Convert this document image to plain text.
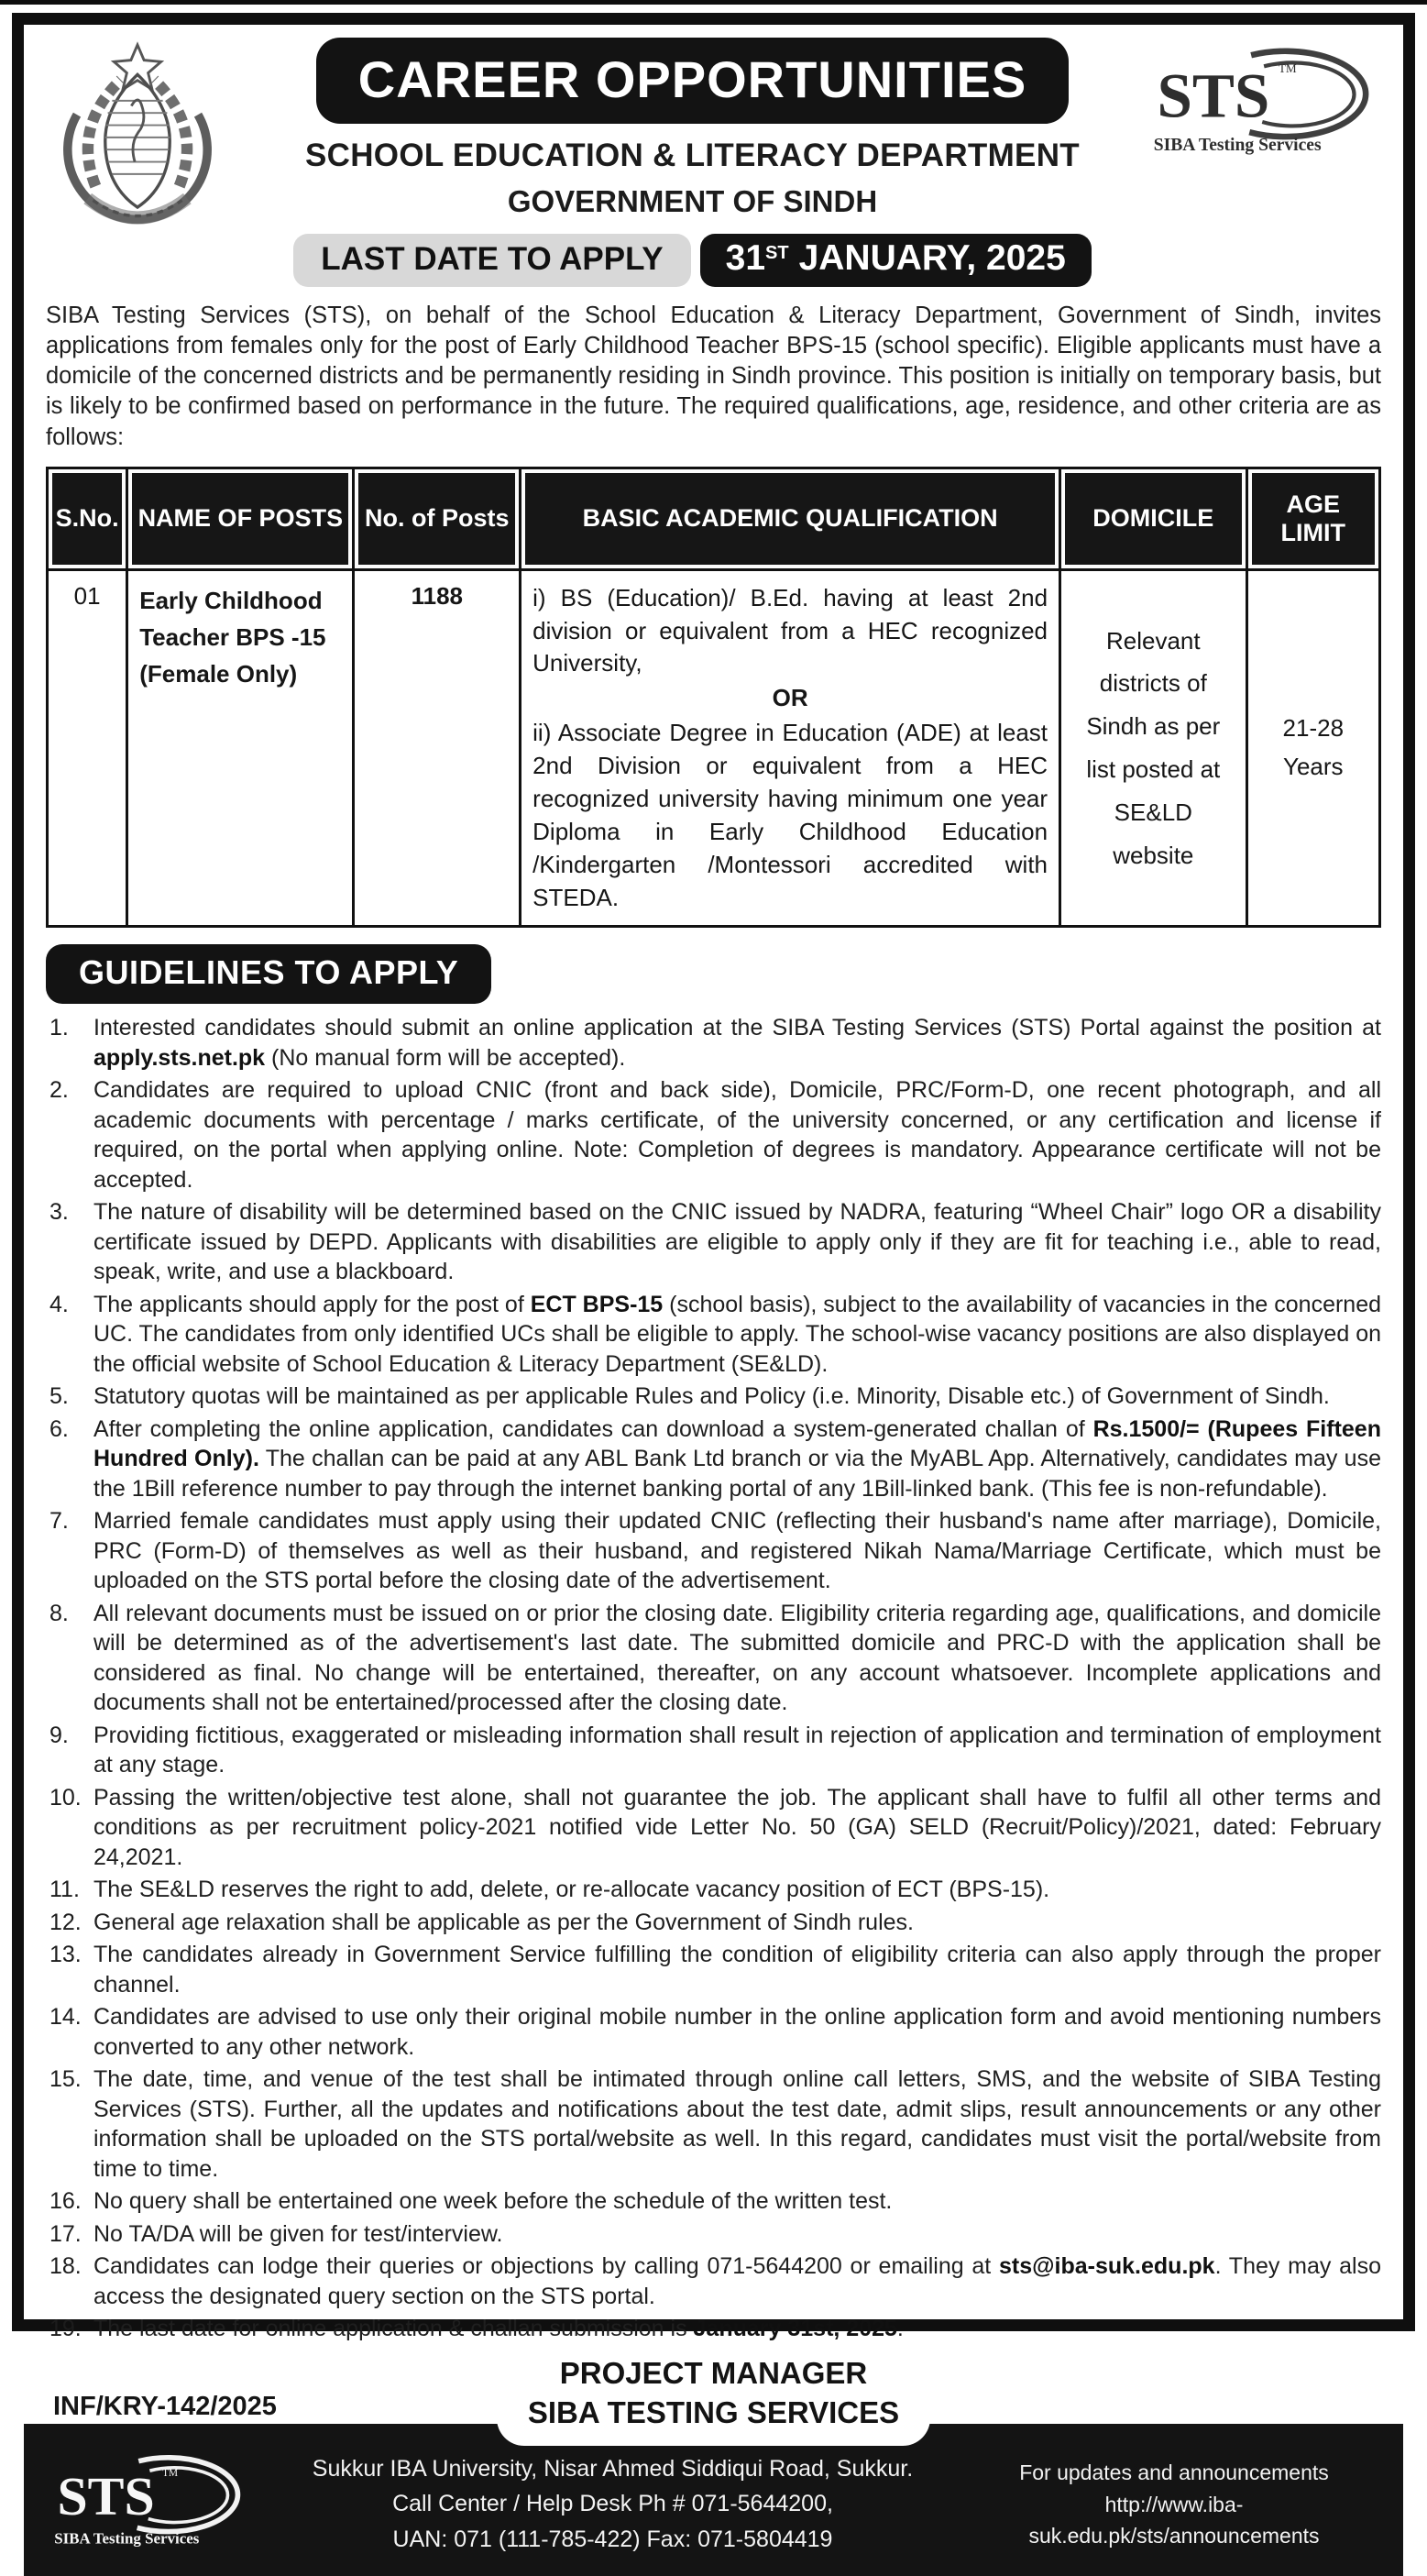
CAREER OPPORTUNITIES
SCHOOL EDUCATION & LITERACY DEPARTMENT
GOVERNMENT OF SINDH
LAST DATE TO APPLY	31 ST JANUARY, 2025
STS TM
SIBA Testing Services

SIBA Testing Services (STS), on behalf of the School Education & Literacy Department, Government of Sindh, invites applications from females only for the post of Early Childhood Teacher BPS-15 (school specific). Eligible applicants must have a domicile of the concerned districts and be permanently residing in Sindh province. This position is initially on temporary basis, but is likely to be confirmed based on performance in the future. The required qualifications, age, residence, and other criteria are as follows:

S.No.	NAME OF POSTS	No. of Posts	BASIC ACADEMIC QUALIFICATION	DOMICILE	AGE LIMIT
01	Early Childhood Teacher BPS -15 (Female Only)	1188	i) BS (Education)/ B.Ed. having at least 2nd division or equivalent from a HEC recognized University,
OR
ii) Associate Degree in Education (ADE) at least 2nd Division or equivalent from a HEC recognized university having minimum one year Diploma in Early Childhood Education /Kindergarten /Montessori accredited with STEDA.	Relevant districts of Sindh as per list posted at SE&LD website	21-28 Years
GUIDELINES TO APPLY
1.	Interested candidates should submit an online application at the SIBA Testing Services (STS) Portal against the position at apply.sts.net.pk (No manual form will be accepted).
2.	Candidates are required to upload CNIC (front and back side), Domicile, PRC/Form-D, one recent photograph, and all academic documents with percentage / marks certificate, of the university concerned, or any certification and license if required, on the portal when applying online. Note: Completion of degrees is mandatory. Appearance certificate will not be accepted.
3.	The nature of disability will be determined based on the CNIC issued by NADRA, featuring “Wheel Chair” logo OR a disability certificate issued by DEPD. Applicants with disabilities are eligible to apply only if they are fit for teaching i.e., able to read, speak, write, and use a blackboard.
4.	The applicants should apply for the post of ECT BPS-15 (school basis), subject to the availability of vacancies in the concerned UC. The candidates from only identified UCs shall be eligible to apply. The school-wise vacancy positions are also displayed on the official website of School Education & Literacy Department (SE&LD).
5.	Statutory quotas will be maintained as per applicable Rules and Policy (i.e. Minority, Disable etc.) of Government of Sindh.
6.	After completing the online application, candidates can download a system-generated challan of Rs.1500/= (Rupees Fifteen Hundred Only). The challan can be paid at any ABL Bank Ltd branch or via the MyABL App. Alternatively, candidates may use the 1Bill reference number to pay through the internet banking portal of any 1Bill-linked bank. (This fee is non-refundable).
7.	Married female candidates must apply using their updated CNIC (reflecting their husband's name after marriage), Domicile, PRC (Form-D) of themselves as well as their husband, and registered Nikah Nama/Marriage Certificate, which must be uploaded on the STS portal before the closing date of the advertisement.
8.	All relevant documents must be issued on or prior the closing date. Eligibility criteria regarding age, qualifications, and domicile will be determined as of the advertisement's last date. The submitted domicile and PRC-D with the application shall be considered as final. No change will be entertained, thereafter, on any account whatsoever. Incomplete applications and documents shall not be entertained/processed after the closing date.
9.	Providing fictitious, exaggerated or misleading information shall result in rejection of application and termination of employment at any stage.
10. Passing the written/objective test alone, shall not guarantee the job. The applicant shall have to fulfil all other terms and conditions as per recruitment policy-2021 notified vide Letter No. 50 (GA) SELD (Recruit/Policy)/2021, dated: February 24,2021.
11. The SE&LD reserves the right to add, delete, or re-allocate vacancy position of ECT (BPS-15).
12. General age relaxation shall be applicable as per the Government of Sindh rules.
13. The candidates already in Government Service fulfilling the condition of eligibility criteria can also apply through the proper channel.
14. Candidates are advised to use only their original mobile number in the online application form and avoid mentioning numbers converted to any other network.
15. The date, time, and venue of the test shall be intimated through online call letters, SMS, and the website of SIBA Testing Services (STS). Further, all the updates and notifications about the test date, admit slips, result announcements or any other information shall be uploaded on the STS portal/website as well. In this regard, candidates must visit the portal/website from time to time.
16. No query shall be entertained one week before the schedule of the written test.
17. No TA/DA will be given for test/interview.
18. Candidates can lodge their queries or objections by calling 071-5644200 or emailing at sts@iba-suk.edu.pk. They may also access the designated query section on the STS portal.
19. The last date for online application & challan submission is January 31st, 2025.
INF/KRY-142/2025
PROJECT MANAGER
SIBA TESTING SERVICES
STS TM
SIBA Testing Services
Sukkur IBA University, Nisar Ahmed Siddiqui Road, Sukkur.
Call Center / Help Desk Ph # 071-5644200,
UAN: 071 (111-785-422) Fax: 071-5804419
For updates and announcements
http://www.iba-suk.edu.pk/sts/announcements
